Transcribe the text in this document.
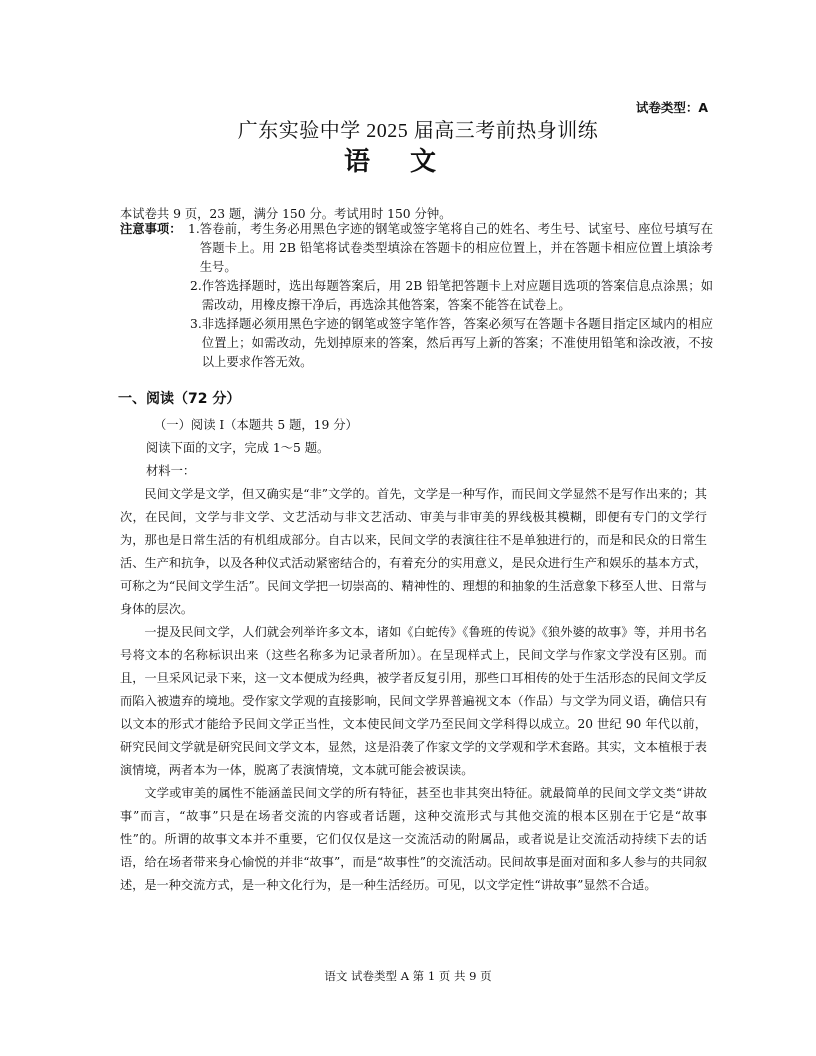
试卷类型：A
广东实验中学 2025 届高三考前热身训练
语文
本试卷共 9 页，23 题，满分 150 分。考试用时 150 分钟。
注意事项： 1. 答卷前，考生务必用黑色字迹的钢笔或签字笔将自己的姓名、考生号、试室号、座位号填写在答题卡上。用 2B 铅笔将试卷类型填涂在答题卡的相应位置上，并在答题卡相应位置上填涂考生号。
2. 作答选择题时，选出每题答案后，用 2B 铅笔把答题卡上对应题目选项的答案信息点涂黑；如需改动，用橡皮擦干净后，再选涂其他答案，答案不能答在试卷上。
3. 非选择题必须用黑色字迹的钢笔或签字笔作答，答案必须写在答题卡各题目指定区域内的相应位置上；如需改动，先划掉原来的答案，然后再写上新的答案；不准使用铅笔和涂改液，不按以上要求作答无效。
一、阅读（72 分）
（一）阅读 I（本题共 5 题，19 分）
阅读下面的文字，完成 1～5 题。
材料一：

民间文学是文学，但又确实是“非”文学的。首先，文学是一种写作，而民间文学显然不是写作出来的；其次，在民间，文学与非文学、文艺活动与非文艺活动、审美与非审美的界线极其模糊，即便有专门的文学行为，那也是日常生活的有机组成部分。自古以来，民间文学的表演往往不是单独进行的，而是和民众的日常生活、生产和抗争，以及各种仪式活动紧密结合的，有着充分的实用意义，是民众进行生产和娱乐的基本方式，可称之为“民间文学生活”。民间文学把一切崇高的、精神性的、理想的和抽象的生活意象下移至人世、日常与身体的层次。

一提及民间文学，人们就会列举许多文本，诸如《白蛇传》《鲁班的传说》《狼外婆的故事》等，并用书名号将文本的名称标识出来（这些名称多为记录者所加）。在呈现样式上，民间文学与作家文学没有区别。而且，一旦采风记录下来，这一文本便成为经典，被学者反复引用，那些口耳相传的处于生活形态的民间文学反而陷入被遗弃的境地。受作家文学观的直接影响，民间文学界普遍视文本（作品）与文学为同义语，确信只有以文本的形式才能给予民间文学正当性，文本使民间文学乃至民间文学科得以成立。20 世纪 90 年代以前，研究民间文学就是研究民间文学文本，显然，这是沿袭了作家文学的文学观和学术套路。其实，文本植根于表演情境，两者本为一体，脱离了表演情境，文本就可能会被误读。

文学或审美的属性不能涵盖民间文学的所有特征，甚至也非其突出特征。就最简单的民间文学文类“讲故事”而言，“故事”只是在场者交流的内容或者话题，这种交流形式与其他交流的根本区别在于它是“故事性”的。所谓的故事文本并不重要，它们仅仅是这一交流活动的附属品，或者说是让交流活动持续下去的话语，给在场者带来身心愉悦的并非“故事”，而是“故事性”的交流活动。民间故事是面对面和多人参与的共同叙述，是一种交流方式，是一种文化行为，是一种生活经历。可见，以文学定性“讲故事”显然不合适。

语文 试卷类型 A 第 1 页 共 9 页
